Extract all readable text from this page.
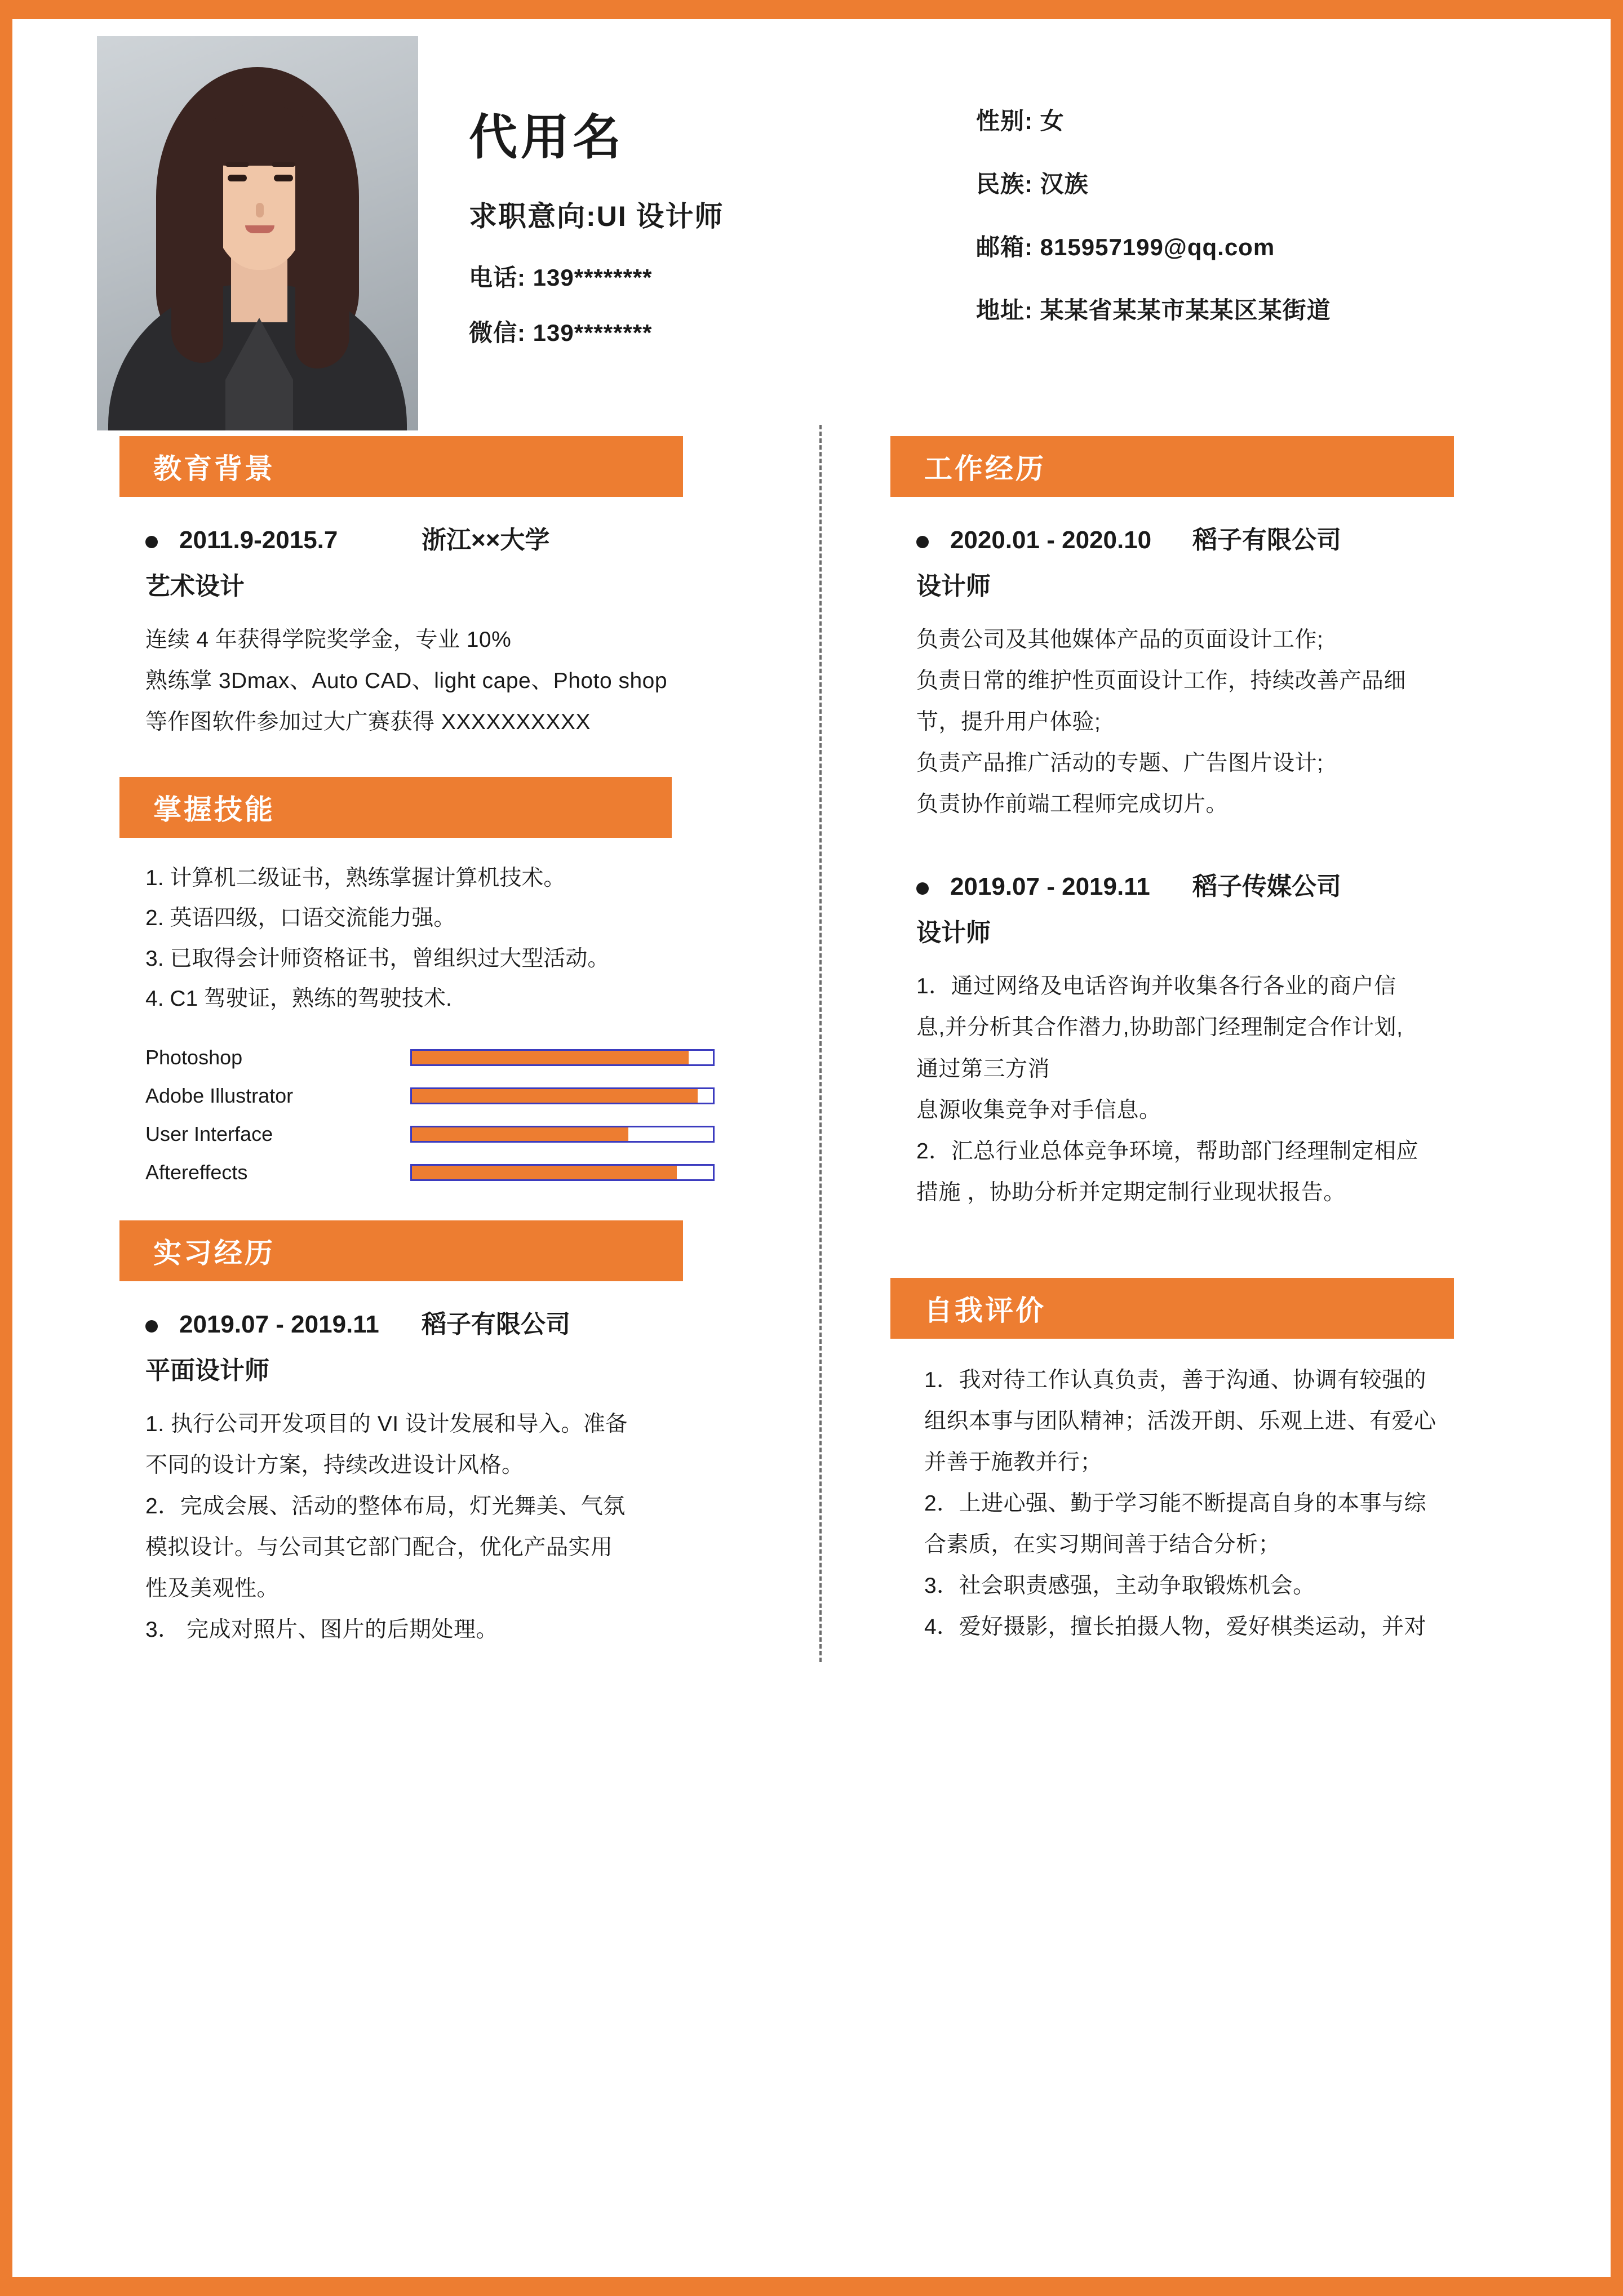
代用名
求职意向:UI 设计师
电话: 139********
微信: 139********
性别: 女
民族: 汉族
邮箱: 815957199@qq.com
地址: 某某省某某市某某区某街道
教育背景
2011.9-2015.7	浙江××大学
艺术设计
连续 4 年获得学院奖学金，专业 10%
熟练掌 3Dmax、Auto CAD、light cape、Photo shop
等作图软件参加过大广赛获得 XXXXXXXXXX
掌握技能
1. 计算机二级证书，熟练掌握计算机技术。
2. 英语四级，口语交流能力强。
3. 已取得会计师资格证书，曾组织过大型活动。
4. C1 驾驶证，熟练的驾驶技术.
Photoshop
Adobe Illustrator
User Interface
Aftereffects
实习经历
2019.07 - 2019.11	稻子有限公司
平面设计师
1. 执行公司开发项目的 VI 设计发展和导入。准备
不同的设计方案，持续改进设计风格。
2．完成会展、活动的整体布局，灯光舞美、气氛
模拟设计。与公司其它部门配合，优化产品实用
性及美观性。
3． 完成对照片、图片的后期处理。
工作经历
2020.01 - 2020.10	稻子有限公司
设计师
负责公司及其他媒体产品的页面设计工作;
负责日常的维护性页面设计工作，持续改善产品细
节，提升用户体验;
负责产品推广活动的专题、广告图片设计;
负责协作前端工程师完成切片。
2019.07 - 2019.11	稻子传媒公司
设计师
1．通过网络及电话咨询并收集各行各业的商户信
息,并分析其合作潜力,协助部门经理制定合作计划,
通过第三方消
息源收集竞争对手信息。
2．汇总行业总体竞争环境，帮助部门经理制定相应
措施 ，协助分析并定期定制行业现状报告。
自我评价
1．我对待工作认真负责，善于沟通、协调有较强的
组织本事与团队精神；活泼开朗、乐观上进、有爱心
并善于施教并行；
2．上进心强、勤于学习能不断提高自身的本事与综
合素质，在实习期间善于结合分析；
3．社会职责感强，主动争取锻炼机会。
4．爱好摄影，擅长拍摄人物，爱好棋类运动，并对
